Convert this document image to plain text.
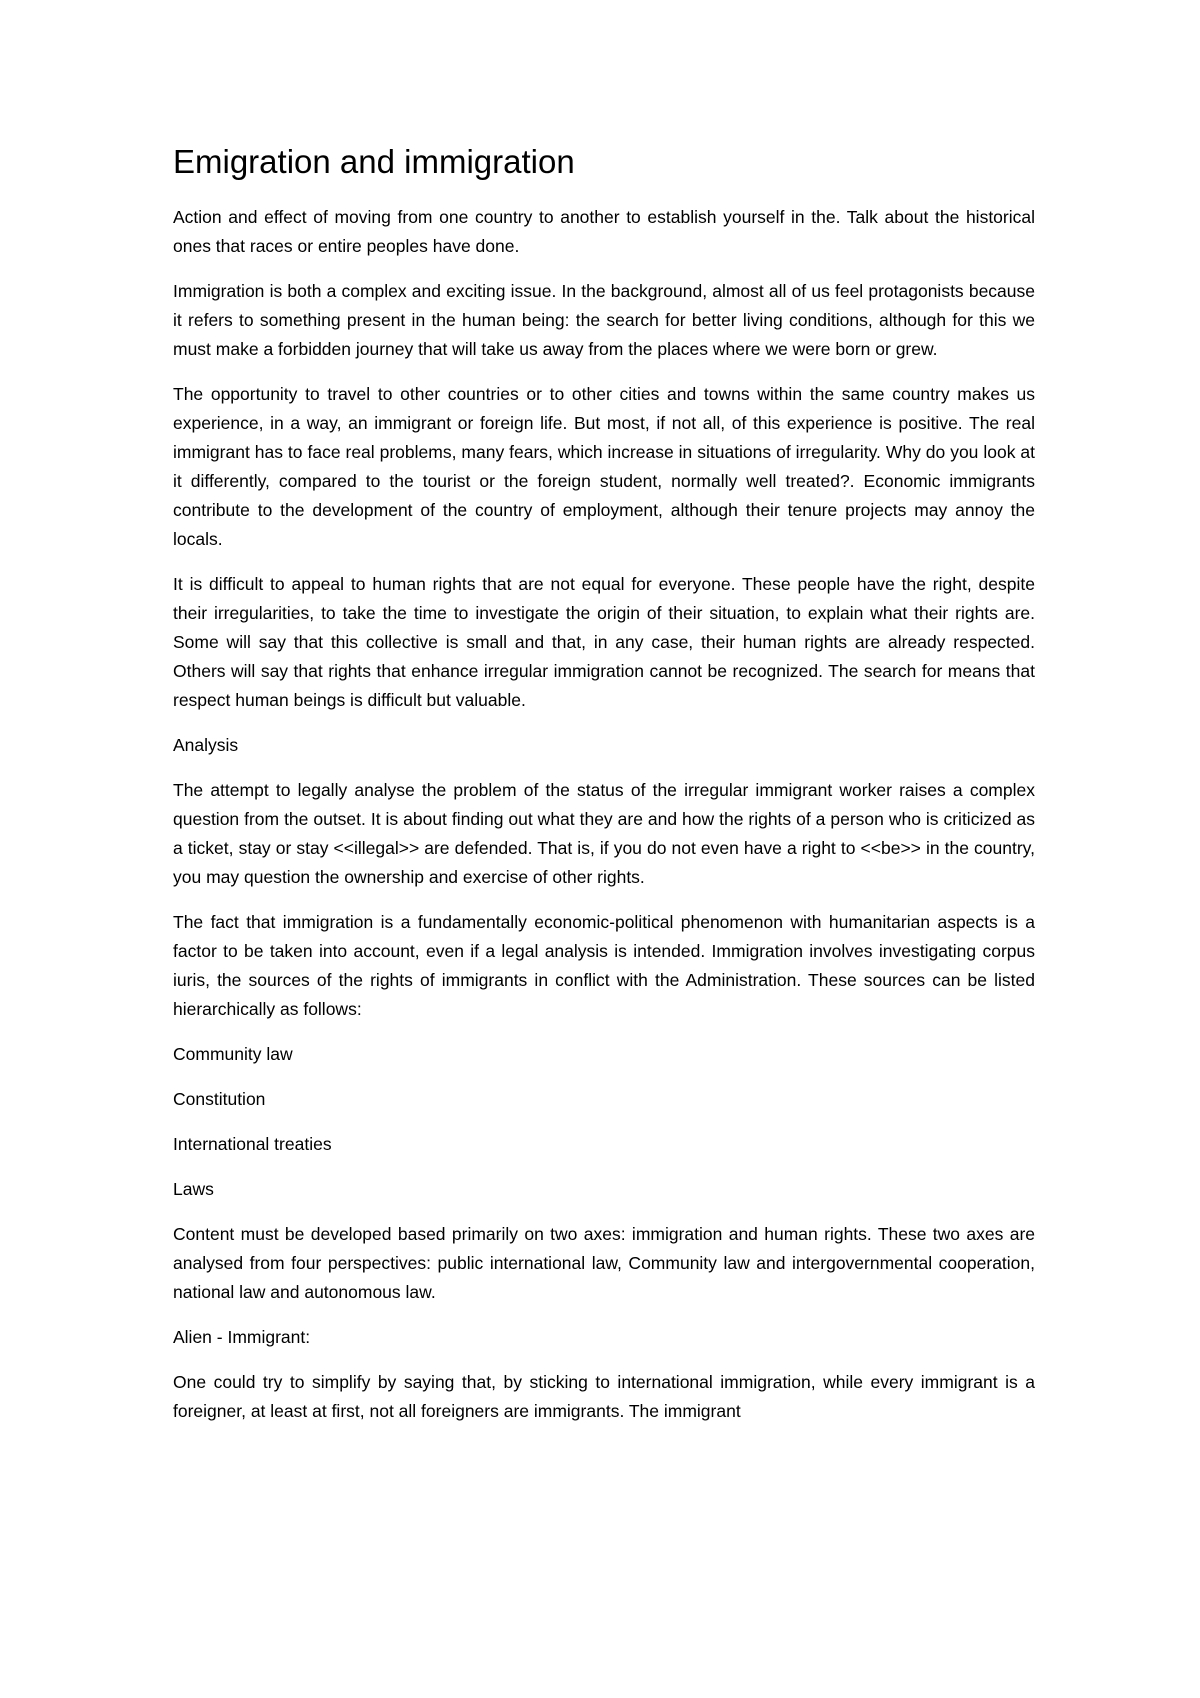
Emigration and immigration

Action and effect of moving from one country to another to establish yourself in the. Talk about the historical ones that races or entire peoples have done.

Immigration is both a complex and exciting issue. In the background, almost all of us feel protagonists because it refers to something present in the human being: the search for better living conditions, although for this we must make a forbidden journey that will take us away from the places where we were born or grew.

The opportunity to travel to other countries or to other cities and towns within the same country makes us experience, in a way, an immigrant or foreign life. But most, if not all, of this experience is positive. The real immigrant has to face real problems, many fears, which increase in situations of irregularity. Why do you look at it differently, compared to the tourist or the foreign student, normally well treated?. Economic immigrants contribute to the development of the country of employment, although their tenure projects may annoy the locals.

It is difficult to appeal to human rights that are not equal for everyone. These people have the right, despite their irregularities, to take the time to investigate the origin of their situation, to explain what their rights are. Some will say that this collective is small and that, in any case, their human rights are already respected. Others will say that rights that enhance irregular immigration cannot be recognized. The search for means that respect human beings is difficult but valuable.

Analysis

The attempt to legally analyse the problem of the status of the irregular immigrant worker raises a complex question from the outset. It is about finding out what they are and how the rights of a person who is criticized as a ticket, stay or stay <<illegal>> are defended. That is, if you do not even have a right to <<be>> in the country, you may question the ownership and exercise of other rights.

The fact that immigration is a fundamentally economic-political phenomenon with humanitarian aspects is a factor to be taken into account, even if a legal analysis is intended. Immigration involves investigating corpus iuris, the sources of the rights of immigrants in conflict with the Administration. These sources can be listed hierarchically as follows:

Community law

Constitution

International treaties

Laws

Content must be developed based primarily on two axes: immigration and human rights. These two axes are analysed from four perspectives: public international law, Community law and intergovernmental cooperation, national law and autonomous law.

Alien - Immigrant:

One could try to simplify by saying that, by sticking to international immigration, while every immigrant is a foreigner, at least at first, not all foreigners are immigrants. The immigrant
